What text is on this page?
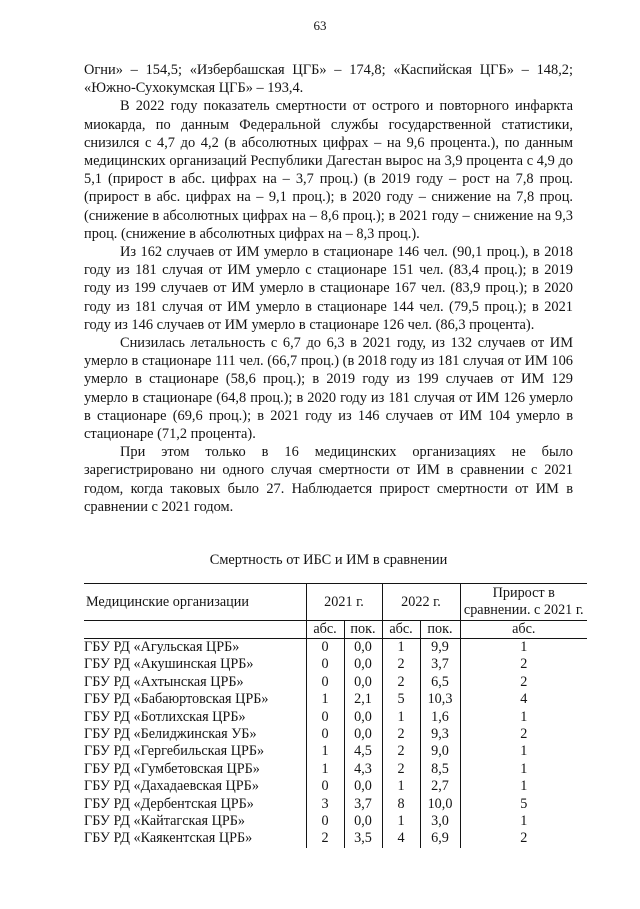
63

Огни» – 154,5; «Избербашская ЦГБ» – 174,8; «Каспийская ЦГБ» – 148,2; «Южно-Сухокумская ЦГБ» – 193,4.

В 2022 году показатель смертности от острого и повторного инфаркта миокарда, по данным Федеральной службы государственной статистики, снизился с 4,7 до 4,2 (в абсолютных цифрах – на 9,6 процента.), по данным медицинских организаций Республики Дагестан вырос на 3,9 процента с 4,9 до 5,1 (прирост в абс. цифрах на – 3,7 проц.) (в 2019 году – рост на 7,8 проц. (прирост в абс. цифрах на – 9,1 проц.); в 2020 году – снижение на 7,8 проц. (снижение в абсолютных цифрах на – 8,6 проц.); в 2021 году – снижение на 9,3 проц. (снижение в абсолютных цифрах на – 8,3 проц.).

Из 162 случаев от ИМ умерло в стационаре 146 чел. (90,1 проц.), в 2018 году из 181 случая от ИМ умерло с стационаре 151 чел. (83,4 проц.); в 2019 году из 199 случаев от ИМ умерло в стационаре 167 чел. (83,9 проц.); в 2020 году из 181 случая от ИМ умерло в стационаре 144 чел. (79,5 проц.); в 2021 году из 146 случаев от ИМ умерло в стационаре 126 чел. (86,3 процента).

Снизилась летальность с 6,7 до 6,3 в 2021 году, из 132 случаев от ИМ умерло в стационаре 111 чел. (66,7 проц.) (в 2018 году из 181 случая от ИМ 106 умерло в стационаре (58,6 проц.); в 2019 году из 199 случаев от ИМ 129 умерло в стационаре (64,8 проц.); в 2020 году из 181 случая от ИМ 126 умерло в стационаре (69,6 проц.); в 2021 году из 146 случаев от ИМ 104 умерло в стационаре (71,2 процента).

При этом только в 16 медицинских организациях не было зарегистрировано ни одного случая смертности от ИМ в сравнении с 2021 годом, когда таковых было 27. Наблюдается прирост смертности от ИМ в сравнении с 2021 годом.

Смертность от ИБС и ИМ в сравнении
Медицинские организации	2021 г.		2022 г.		Прирост в сравнении. с 2021 г.
	абс.	пок.	абс.	пок.	абс.
ГБУ РД «Агульская ЦРБ»	0	0,0	1	9,9	1
ГБУ РД «Акушинская ЦРБ»	0	0,0	2	3,7	2
ГБУ РД «Ахтынская ЦРБ»	0	0,0	2	6,5	2
ГБУ РД «Бабаюртовская ЦРБ»	1	2,1	5	10,3	4
ГБУ РД «Ботлихская ЦРБ»	0	0,0	1	1,6	1
ГБУ РД «Белиджинская УБ»	0	0,0	2	9,3	2
ГБУ РД «Гергебильская ЦРБ»	1	4,5	2	9,0	1
ГБУ РД «Гумбетовская ЦРБ»	1	4,3	2	8,5	1
ГБУ РД «Дахадаевская ЦРБ»	0	0,0	1	2,7	1
ГБУ РД «Дербентская ЦРБ»	3	3,7	8	10,0	5
ГБУ РД «Кайтагская ЦРБ»	0	0,0	1	3,0	1
ГБУ РД «Каякентская ЦРБ»	2	3,5	4	6,9	2
